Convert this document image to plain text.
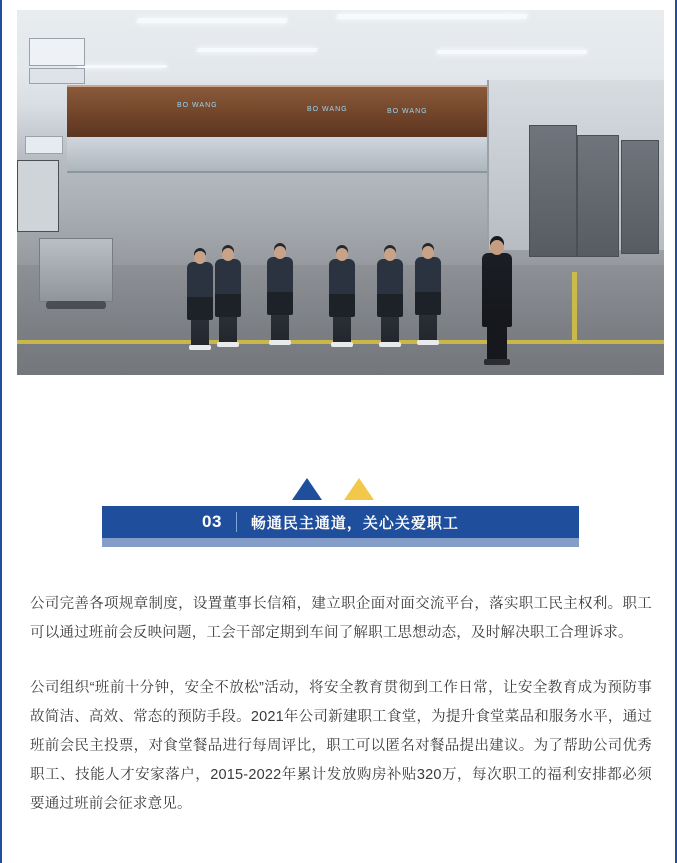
BO WANG
BO WANG	BO WANG
03 畅通民主通道，关心关爱职工

公司完善各项规章制度，设置董事长信箱，建立职企面对面交流平台，落实职工民主权利。职工可以通过班前会反映问题，工会干部定期到车间了解职工思想动态，及时解决职工合理诉求。

公司组织“班前十分钟，安全不放松”活动，将安全教育贯彻到工作日常，让安全教育成为预防事故简洁、高效、常态的预防手段。2021年公司新建职工食堂，为提升食堂菜品和服务水平，通过班前会民主投票，对食堂餐品进行每周评比，职工可以匿名对餐品提出建议。为了帮助公司优秀职工、技能人才安家落户，2015-2022年累计发放购房补贴320万，每次职工的福利安排都必须要通过班前会征求意见。
